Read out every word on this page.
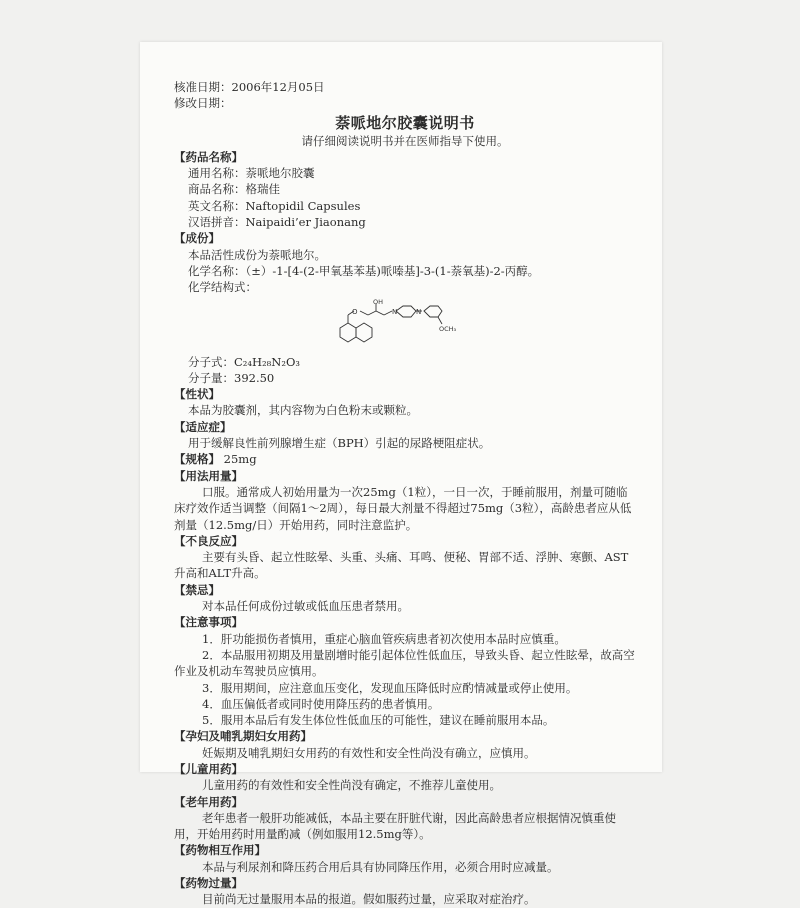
核准日期：2006年12月05日
修改日期：
萘哌地尔胶囊说明书
请仔细阅读说明书并在医师指导下使用。
【药品名称】
通用名称：萘哌地尔胶囊
商品名称：格瑞佳
英文名称：Naftopidil Capsules
汉语拼音：Naipaidi’er Jiaonang
【成份】
本品活性成份为萘哌地尔。
化学名称：（±）-1-[4-(2-甲氧基苯基)哌嗪基]-3-(1-萘氧基)-2-丙醇。
化学结构式：
O
OH
N	N
OCH₃
分子式：C₂₄H₂₈N₂O₃
分子量：392.50
【性状】
本品为胶囊剂，其内容物为白色粉末或颗粒。
【适应症】
用于缓解良性前列腺增生症（BPH）引起的尿路梗阻症状。
【规格】 25mg
【用法用量】
口服。通常成人初始用量为一次25mg（1粒），一日一次，于睡前服用，剂量可随临床疗效作适当调整（间隔1～2周），每日最大剂量不得超过75mg（3粒），高龄患者应从低剂量（12.5mg/日）开始用药，同时注意监护。
【不良反应】
主要有头昏、起立性眩晕、头重、头痛、耳鸣、便秘、胃部不适、浮肿、寒颤、AST升高和ALT升高。
【禁忌】
对本品任何成份过敏或低血压患者禁用。
【注意事项】
1．肝功能损伤者慎用，重症心脑血管疾病患者初次使用本品时应慎重。
2．本品服用初期及用量剧增时能引起体位性低血压，导致头昏、起立性眩晕，故高空作业及机动车驾驶员应慎用。
3．服用期间，应注意血压变化，发现血压降低时应酌情减量或停止使用。
4．血压偏低者或同时使用降压药的患者慎用。
5．服用本品后有发生体位性低血压的可能性，建议在睡前服用本品。
【孕妇及哺乳期妇女用药】
妊娠期及哺乳期妇女用药的有效性和安全性尚没有确立，应慎用。
【儿童用药】
儿童用药的有效性和安全性尚没有确定，不推荐儿童使用。
【老年用药】
老年患者一般肝功能减低，本品主要在肝脏代谢，因此高龄患者应根据情况慎重使用，开始用药时用量酌减（例如服用12.5mg等）。
【药物相互作用】
本品与利尿剂和降压药合用后具有协同降压作用，必须合用时应减量。
【药物过量】
目前尚无过量服用本品的报道。假如服药过量，应采取对症治疗。
